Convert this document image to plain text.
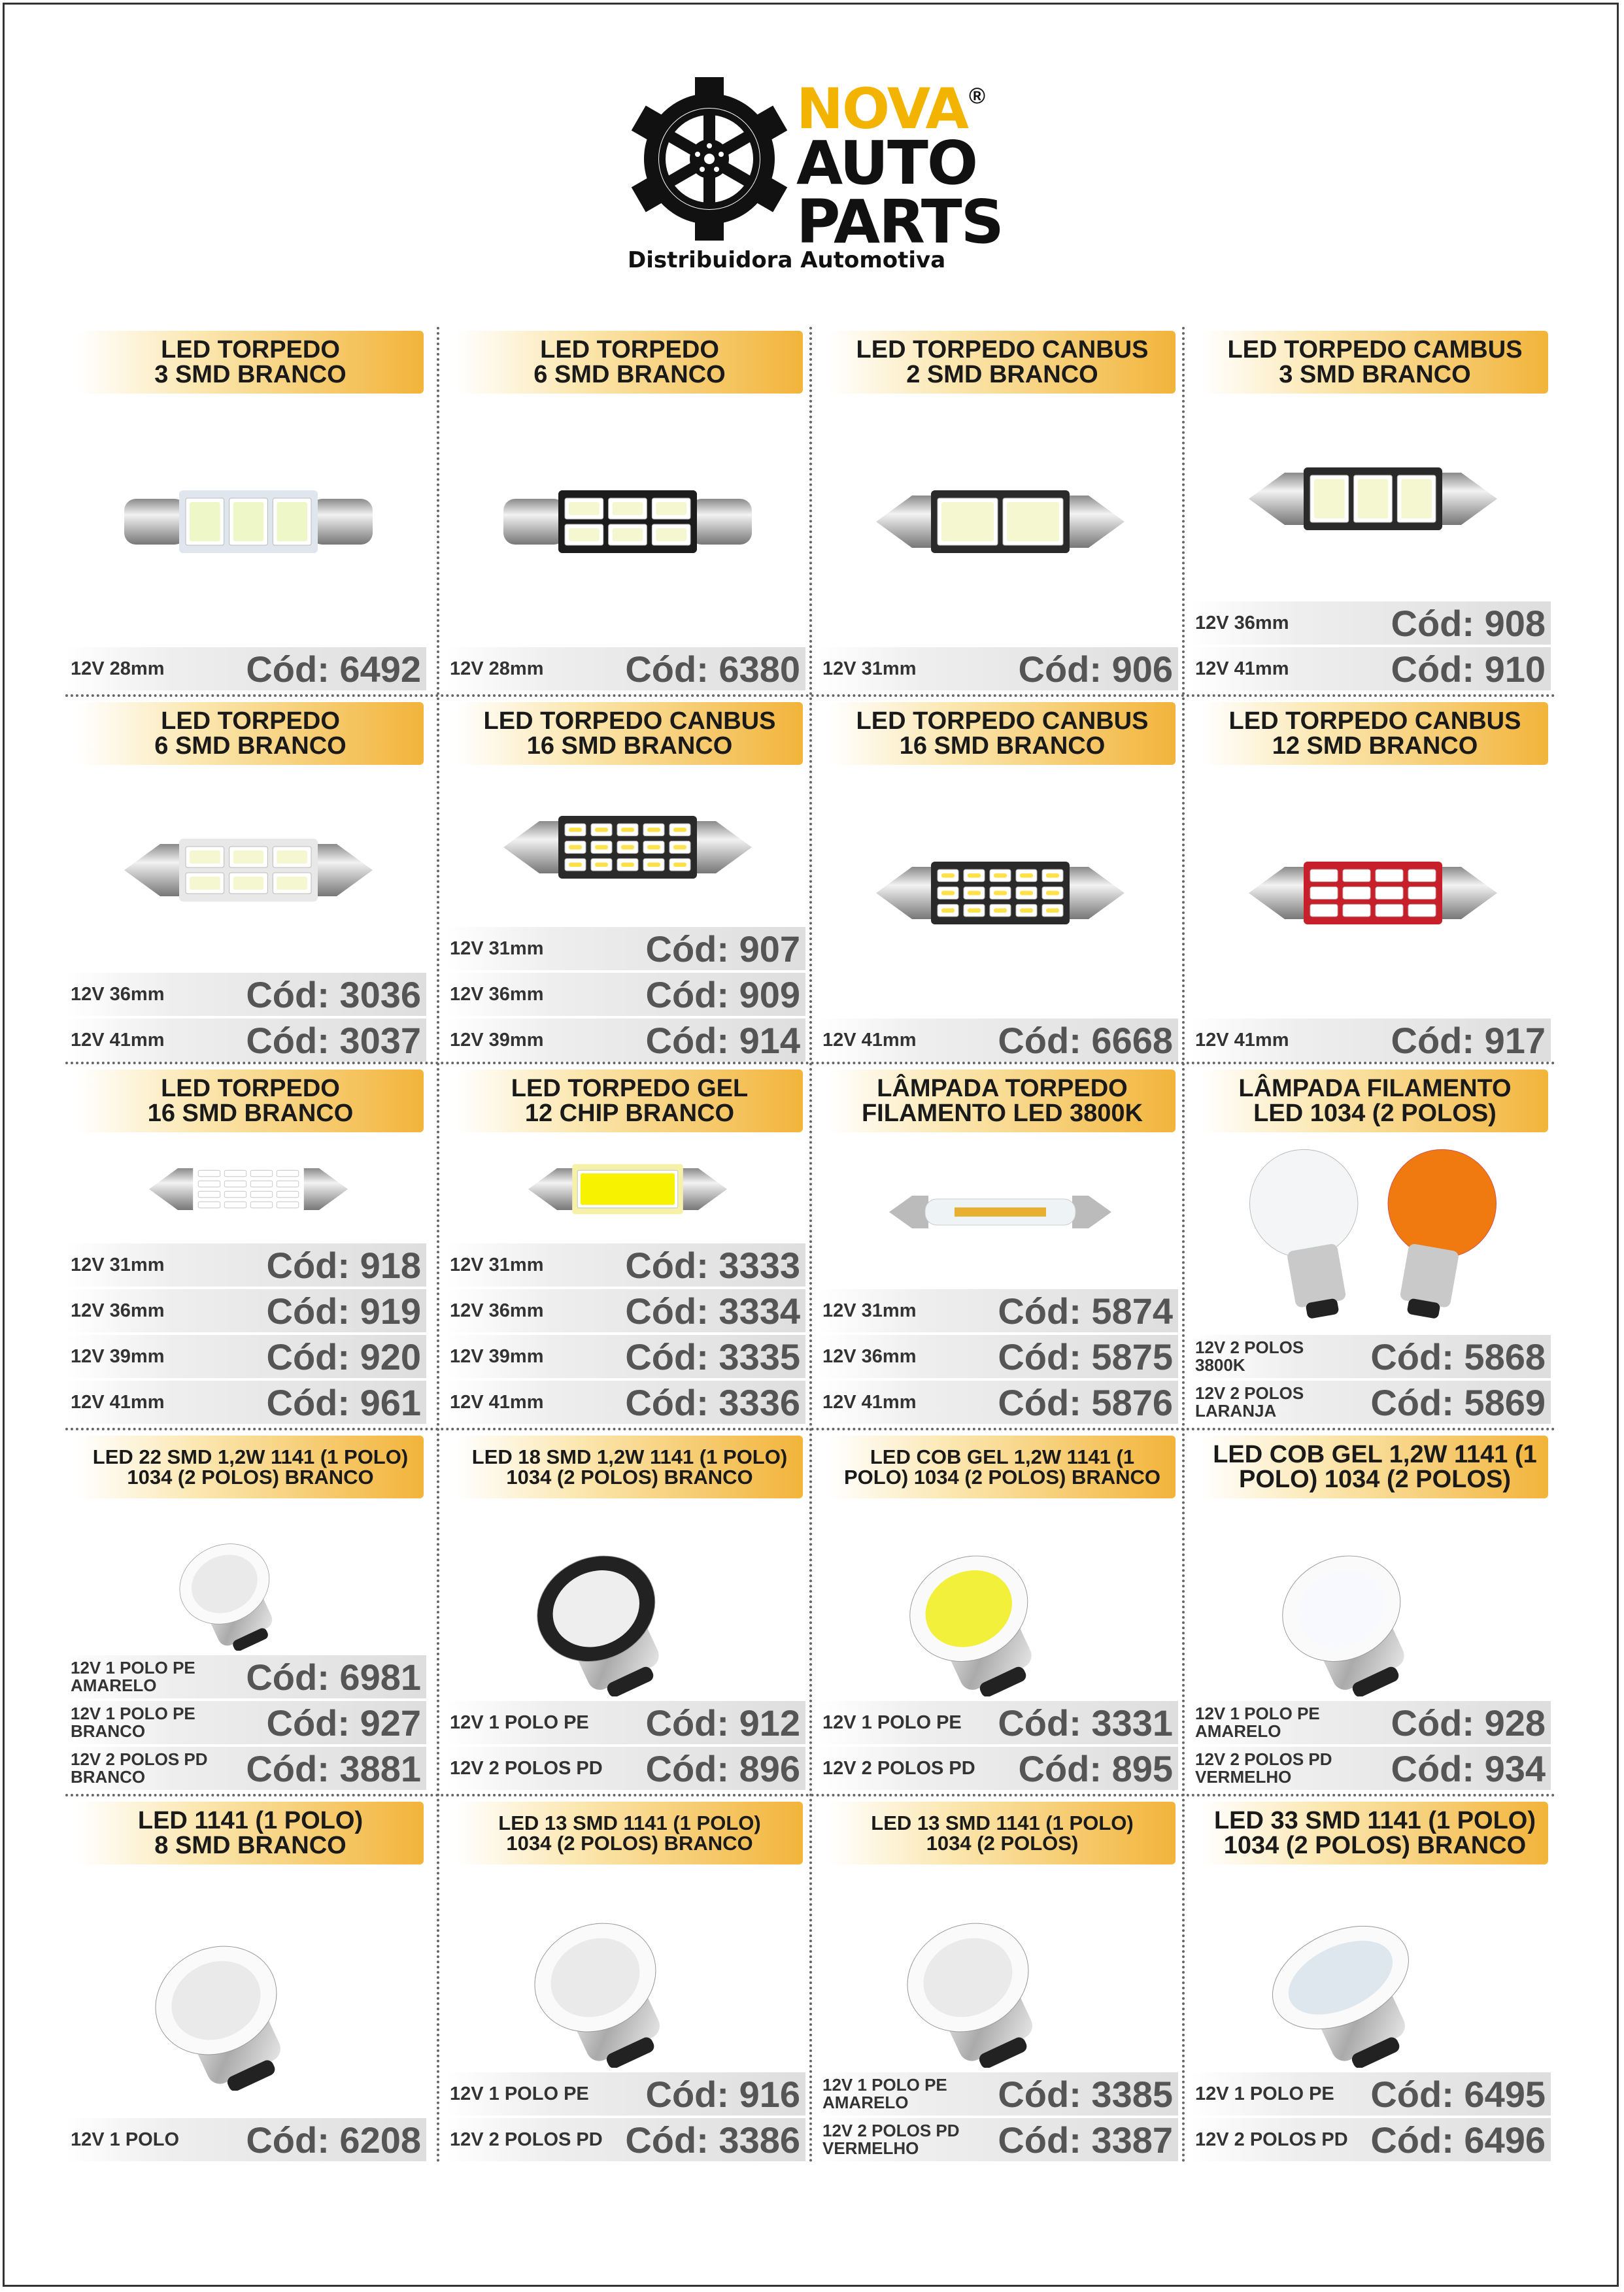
NOVA ®
AUTO
PARTS
Distribuidora Automotiva
LED TORPEDO
3 SMD BRANCO
12V 28mm Cód: 6492
LED TORPEDO
6 SMD BRANCO
12V 28mm Cód: 6380
LED TORPEDO CANBUS
2 SMD BRANCO
12V 31mm	Cód: 906
LED TORPEDO CAMBUS
3 SMD BRANCO
12V 36mm	Cód: 908
12V 41mm	Cód: 910
LED TORPEDO
6 SMD BRANCO
12V 36mm Cód: 3036
12V 41mm Cód: 3037
LED TORPEDO CANBUS
16 SMD BRANCO
12V 31mm	Cód: 907
12V 36mm	Cód: 909
12V 39mm	Cód: 914
LED TORPEDO CANBUS
16 SMD BRANCO
12V 41mm Cód: 6668
LED TORPEDO CANBUS
12 SMD BRANCO
12V 41mm	Cód: 917
LED TORPEDO
16 SMD BRANCO
12V 31mm	Cód: 918
12V 36mm	Cód: 919
12V 39mm	Cód: 920
12V 41mm	Cód: 961
LED TORPEDO GEL
12 CHIP BRANCO
12V 31mm Cód: 3333
12V 36mm Cód: 3334
12V 39mm Cód: 3335
12V 41mm Cód: 3336
LÂMPADA TORPEDO
FILAMENTO LED 3800K
12V 31mm Cód: 5874
12V 36mm Cód: 5875
12V 41mm Cód: 5876
LÂMPADA FILAMENTO
LED 1034 (2 POLOS)
12V 2 POLOS
3800K	Cód: 5868
12V 2 POLOS
LARANJA	Cód: 5869
LED 22 SMD 1,2W 1141 (1 POLO)
1034 (2 POLOS) BRANCO
12V 1 POLO PE
AMARELO	Cód: 6981
12V 1 POLO PE
BRANCO	Cód: 927
12V 2 POLOS PD
BRANCO	Cód: 3881
LED 18 SMD 1,2W 1141 (1 POLO)
1034 (2 POLOS) BRANCO
12V 1 POLO PE Cód: 912
12V 2 POLOS PD Cód: 896
LED COB GEL 1,2W 1141 (1
POLO) 1034 (2 POLOS) BRANCO
12V 1 POLO PE Cód: 3331
12V 2 POLOS PD Cód: 895
LED COB GEL 1,2W 1141 (1
POLO) 1034 (2 POLOS)
12V 1 POLO PE
AMARELO	Cód: 928
12V 2 POLOS PD
VERMELHO	Cód: 934
LED 1141 (1 POLO)
8 SMD BRANCO
12V 1 POLO Cód: 6208
LED 13 SMD 1141 (1 POLO)
1034 (2 POLOS) BRANCO
12V 1 POLO PE Cód: 916
12V 2 POLOS PD Cód: 3386
LED 13 SMD 1141 (1 POLO)
1034 (2 POLOS)
12V 1 POLO PE
AMARELO	Cód: 3385
12V 2 POLOS PD
VERMELHO	Cód: 3387
LED 33 SMD 1141 (1 POLO)
1034 (2 POLOS) BRANCO
12V 1 POLO PE Cód: 6495
12V 2 POLOS PD Cód: 6496
